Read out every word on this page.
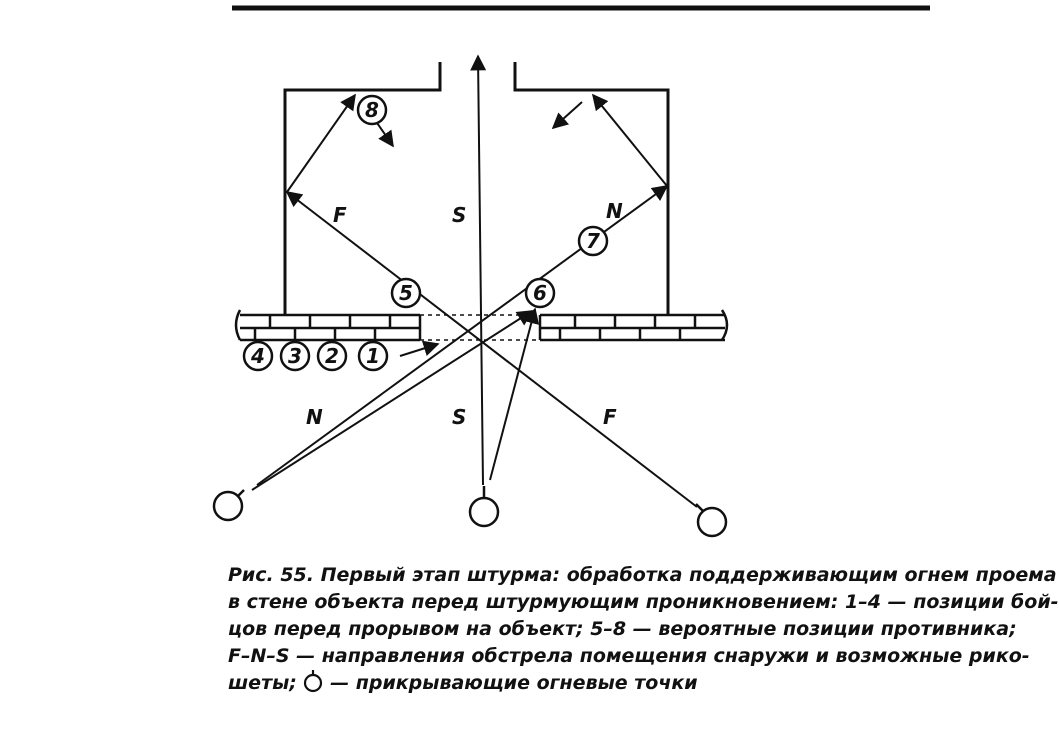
F	S	N
N	S	F
8
7
5	6
4 3 2 1
Рис. 55. Первый этап штурма: обработка поддерживающим огнем проема
в стене объекта перед штурмующим проникновением: 1–4 — позиции бой-
цов перед прорывом на объект; 5–8 — вероятные позиции противника;
F–N–S — направления обстрела помещения снаружи и возможные рико-
шеты; — прикрывающие огневые точки
